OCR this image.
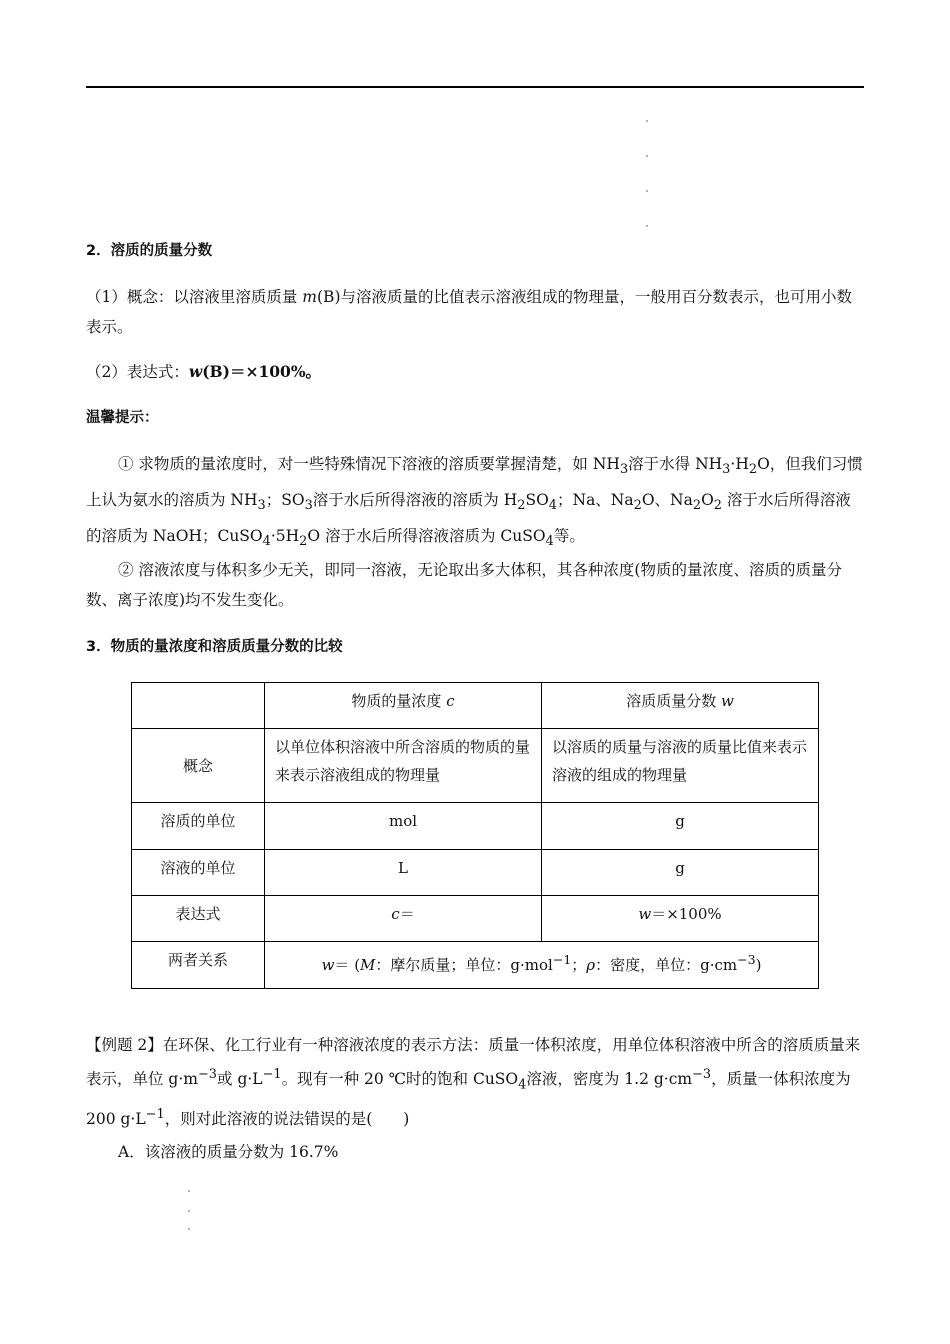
2．溶质的质量分数
（1）概念：以溶液里溶质质量 m(B)与溶液质量的比值表示溶液组成的物理量，一般用百分数表示，也可用小数表示。
（2）表达式：w(B)＝×100%。
温馨提示：
① 求物质的量浓度时，对一些特殊情况下溶液的溶质要掌握清楚，如 $NH_3$溶于水得 $NH_3\cdot H_2O$，但我们习惯上认为氨水的溶质为 $NH_3$；$SO_3$溶于水后所得溶液的溶质为 $H_2SO_4$；Na、$Na_2O$、$Na_2O_2$ 溶于水后所得溶液的溶质为 NaOH；$CuSO_4\cdot 5H_2O$ 溶于水后所得溶液溶质为 CuSO$_4$等。
② 溶液浓度与体积多少无关，即同一溶液，无论取出多大体积，其各种浓度(物质的量浓度、溶质的质量分数、离子浓度)均不发生变化。
3．物质的量浓度和溶质质量分数的比较
	物质的量浓度 c	溶质质量分数 w
概念	以单位体积溶液中所含溶质的物质的量来表示溶液组成的物理量	以溶质的质量与溶液的质量比值来表示溶液的组成的物理量
溶质的单位	mol	g
溶液的单位	L	g
表达式	c＝	w＝×100%
两者关系	w＝ (M：摩尔质量；单位：g·mol$^{-1}$；ρ：密度，单位：$g\cdot cm^{-3}$)	
【例题 2】在环保、化工行业有一种溶液浓度的表示方法：质量一体积浓度，用单位体积溶液中所含的溶质质量来表示，单位 $g\cdot m^{-3}$或 $g\cdot L^{-1}$。现有一种 20 ℃时的饱和 CuSO$_4$溶液，密度为 1.2 $g\cdot cm^{-3}$，质量一体积浓度为 200 $g\cdot L^{-1}$，则对此溶液的说法错误的是(　　)
A．该溶液的质量分数为 16.7%
